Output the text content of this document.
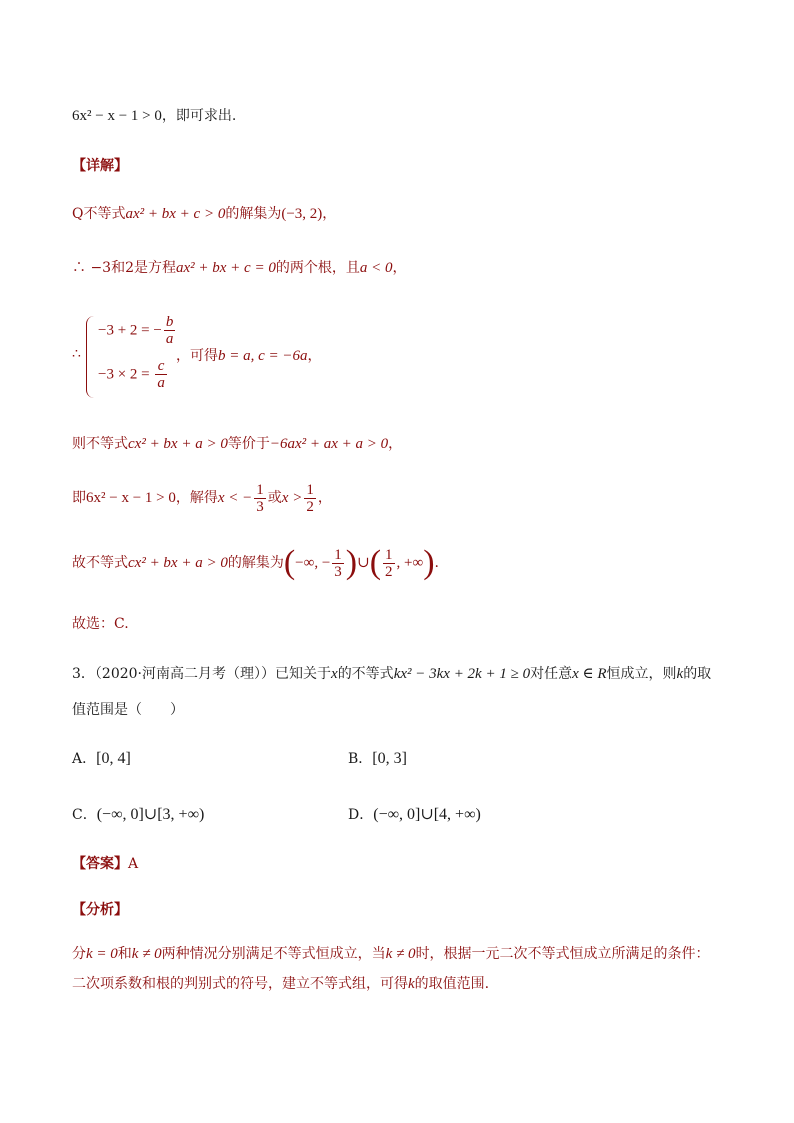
6x² − x − 1 > 0，即可求出.
【详解】
Q不等式ax² + bx + c > 0的解集为(−3, 2)，
∴ −3和2是方程ax² + bx + c = 0的两个根，且a < 0，
∴
−3 + 2 = − $\frac{b}{a}$
$-3 \times 2 = \frac{c}{a}$
，可得b = a, c = −6a，
则不等式cx² + bx + a > 0等价于−6ax² + ax + a > 0，
即6x² − x − 1 > 0，解得x < − $\frac{1}{3}$ 或$x > \frac{1}{2}$ ，
故不等式cx² + bx + a > 0的解集为(−∞, − $\frac{1}{3}$ )∪( $\frac{1}{2}$ , +∞).
故选：C.
3．（2020·河南高二月考（理））已知关于x的不等式kx² − 3kx + 2k + 1 ≥ 0对任意x ∈ R恒成立，则k的取
值范围是（　　）
A．[0, 4]	B．[0, 3]
C．(−∞, 0]∪[3, +∞)	D．(−∞, 0]∪[4, +∞)
【答案】A
【分析】
分k = 0和k ≠ 0两种情况分别满足不等式恒成立，当k ≠ 0时，根据一元二次不等式恒成立所满足的条件：
二次项系数和根的判别式的符号，建立不等式组，可得k的取值范围.
